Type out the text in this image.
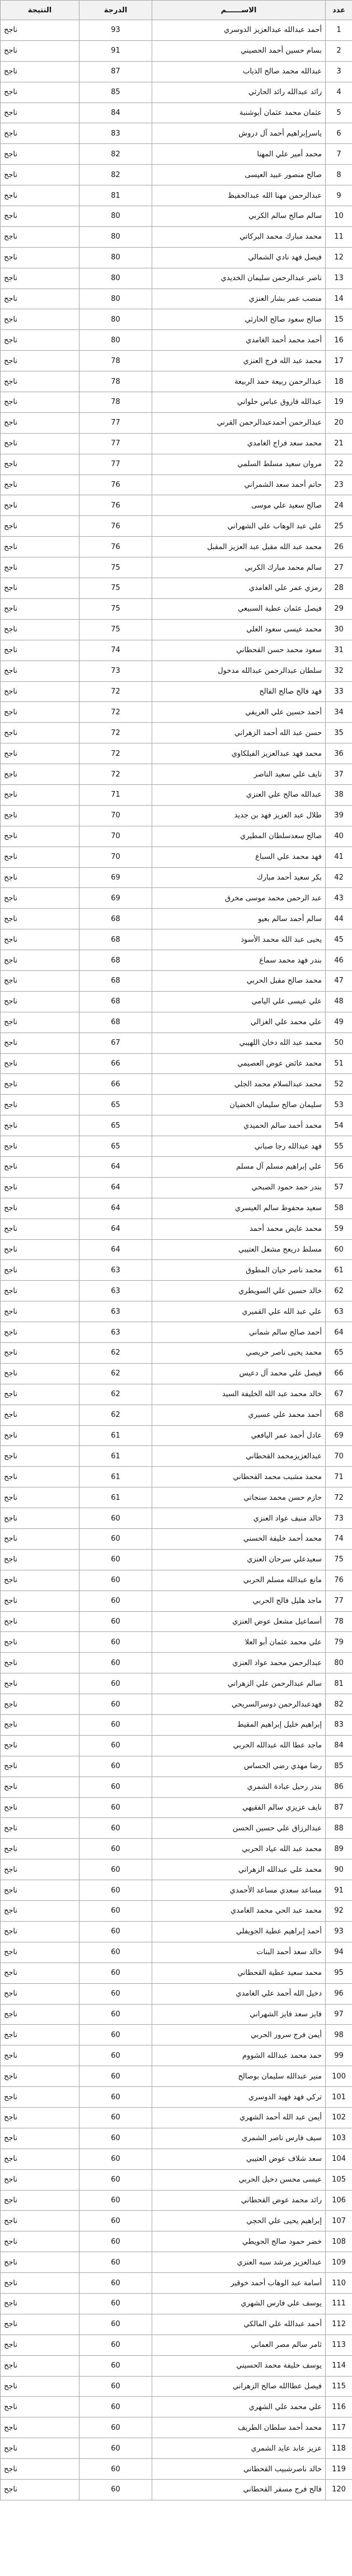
عدد	الاســــــم	الدرجة	النتيجة
1	أحمد عبدالله عبدالعزيز الدوسري	93	ناجح
2	بسام حسين أحمد الحصيني	91	ناجح
3	عبدالله محمد صالح الذياب	87	ناجح
4	رائد عبدالله رائد الحارثي	85	ناجح
5	عثمان محمد عثمان أبوشنبة	84	ناجح
6	ياسرإبراهيم أحمد آل دروش	83	ناجح
7	محمد أمير علي المهنا	82	ناجح
8	صالح منصور عبيد العيسى	82	ناجح
9	عبدالرحمن مهنا الله عبدالحفيظ	81	ناجح
10	سالم صالح سالم الكربي	80	ناجح
11	محمد مبارك محمد البركاتي	80	ناجح
12	فيصل فهد نادي الشمالي	80	ناجح
13	ناصر عبدالرحمن سليمان الخديدي	80	ناجح
14	منصب عمر بشار العنزي	80	ناجح
15	صالح سعود صالح الحارثي	80	ناجح
16	أحمد محمد أحمد الغامدي	80	ناجح
17	محمد عبد الله فرج العنزي	78	ناجح
18	عبدالرحمن ربيعة حمد الربيعة	78	ناجح
19	عبدالله فاروق عباس حلواني	78	ناجح
20	عبدالرحمن أحمدعبدالرحمن القرني	77	ناجح
21	محمد سعد فراج الغامدي	77	ناجح
22	مروان سعيد مسلط السلمي	77	ناجح
23	حاتم أحمد سعد الشمراني	76	ناجح
24	صالح سعيد علي موسى	76	ناجح
25	علي عبد الوهاب علي الشهراني	76	ناجح
26	محمد عبد الله مقبل عبد العزيز المقبل	76	ناجح
27	سالم محمد مبارك الكربي	75	ناجح
28	رمزي عمر علي الغامدي	75	ناجح
29	فيصل عثمان عطية السبيعي	75	ناجح
30	محمد عيسى سعود العلي	75	ناجح
31	سعود محمد حسن القحطاني	74	ناجح
32	سلطان عبدالرحمن عبدالله مدخول	73	ناجح
33	فهد فالح صالح الفالح	72	ناجح
34	أحمد حسين علي العريفي	72	ناجح
35	حسن عبد الله أحمد الزهراني	72	ناجح
36	محمد فهد عبدالعزيز الفيلكاوي	72	ناجح
37	نايف علي سعيد الناصر	72	ناجح
38	عبدالله صالح علي العنزي	71	ناجح
39	طلال عبد العزيز فهد بن جديد	70	ناجح
40	صالح سعدسلطان المطيري	70	ناجح
41	فهد محمد علي السباع	70	ناجح
42	بكر سعيد أحمد مبارك	69	ناجح
43	عبد الرحمن محمد موسى مخرق	69	ناجح
44	سالم أحمد سالم بعيو	68	ناجح
45	يحيى عبد الله محمد الأسود	68	ناجح
46	بندر فهد محمد سماع	68	ناجح
47	محمد صالح مقبل الحربي	68	ناجح
48	علي عيسى علي اليامي	68	ناجح
49	علي محمد علي الغزالي	68	ناجح
50	محمد عبد الله دخان اللهيبي	67	ناجح
51	محمد عائض عوض العصيمي	66	ناجح
52	محمد عبدالسلام محمد الجلي	66	ناجح
53	سليمان صالح سليمان الخضيان	65	ناجح
54	محمد أحمد سالم الحميدي	65	ناجح
55	فهد عبدالله رجا صباني	65	ناجح
56	علي إبراهيم مسلم آل مسلم	64	ناجح
57	بندر حمد حمود الصبحي	64	ناجح
58	سعيد محفوظ سالم العيسري	64	ناجح
59	محمد عايض محمد أحمد	64	ناجح
60	مسلط دريعح مشعل العتيبي	64	ناجح
61	محمد ناصر حيان المطوق	63	ناجح
62	خالد حسين علي السويطري	63	ناجح
63	علي عبد الله علي القميري	63	ناجح
64	أحمد صالح سالم شماني	63	ناجح
65	محمد يحيى ناصر حريصي	62	ناجح
66	فيصل علي محمد آل دعيس	62	ناجح
67	خالد محمد عبد الله الخليفة السيد	62	ناجح
68	أحمد محمد علي عسيري	62	ناجح
69	عادل أحمد عمر اليافعي	61	ناجح
70	عبدالعزيزمحمد القحطاني	61	ناجح
71	محمد مشبب محمد القحطاني	61	ناجح
72	حازم حسن محمد سنجاتي	61	ناجح
73	خالد منيف عواد العنزي	60	ناجح
74	محمد أحمد خليفة الحسني	60	ناجح
75	سعيدعلي سرحان العنزي	60	ناجح
76	مانع عبدالله مسلم الحربي	60	ناجح
77	ماجد هليل فالح الحربي	60	ناجح
78	أسماعيل مشعل عوض العنزي	60	ناجح
79	علي محمد عثمان أبو العلا	60	ناجح
80	عبدالرحمن محمد عواد العنزي	60	ناجح
81	سالم عبدالرحمن علي الزهراني	60	ناجح
82	فهدعبدالرحمن دوسرالسريحي	60	ناجح
83	إبراهيم خليل إبراهيم المقيط	60	ناجح
84	ماجد عطا الله عبدالله الحربي	60	ناجح
85	رضا مهدي رضي الحساس	60	ناجح
86	بندر رحيل عبادة الشمري	60	ناجح
87	نايف عزيزي سالم الفقيهي	60	ناجح
88	عبدالرزاق علي حسين الحسن	60	ناجح
89	محمد عبد الله عياد الحربي	60	ناجح
90	محمد علي عبدالله الزهراني	60	ناجح
91	مساعد سعدي مساعد الأحمدي	60	ناجح
92	محمد عبد الحي محمد الغامدي	60	ناجح
93	أحمد إبراهيم عطية الجويفلي	60	ناجح
94	خالد سعد أحمد البنات	60	ناجح
95	محمد سعيد عطية القحطاني	60	ناجح
96	دخيل الله أحمد علي الغامدي	60	ناجح
97	فايز سعد فايز الشهراني	60	ناجح
98	أيمن فرج سرور الحربي	60	ناجح
99	حمد محمد عبدالله الشووم	60	ناجح
100	منير عبدالله سليمان بوصالح	60	ناجح
101	تركي فهد فهيد الدوسري	60	ناجح
102	أيمن عبد الله أحمد الشهري	60	ناجح
103	سيف فارس ناصر الشمري	60	ناجح
104	سعد شلاف عوض العتيبي	60	ناجح
105	عيسى محسن دخيل الحربي	60	ناجح
106	رائد محمد عوض القحطاني	60	ناجح
107	إبراهيم يحيى علي الحجي	60	ناجح
108	خضر حمود صالح الحويطي	60	ناجح
109	عبدالعزيز مرشد سبه العنزي	60	ناجح
110	أسامة عبد الوهاب أحمد خوقير	60	ناجح
111	يوسف علي فارس الشهري	60	ناجح
112	أحمد عبدالله علي المالكي	60	ناجح
113	ثامر سالم مصر العماني	60	ناجح
114	يوسف خليفة محمد الحسيني	60	ناجح
115	فيصل عطاالله صالح الزهراني	60	ناجح
116	علي محمد علي الشهري	60	ناجح
117	محمد أحمد سلطان الطريف	60	ناجح
118	عزيز عابد عايد الشمري	60	ناجح
119	خالد ناصرشبيب القحطاني	60	ناجح
120	فالح فرج مسفر القحطاني	60	ناجح
